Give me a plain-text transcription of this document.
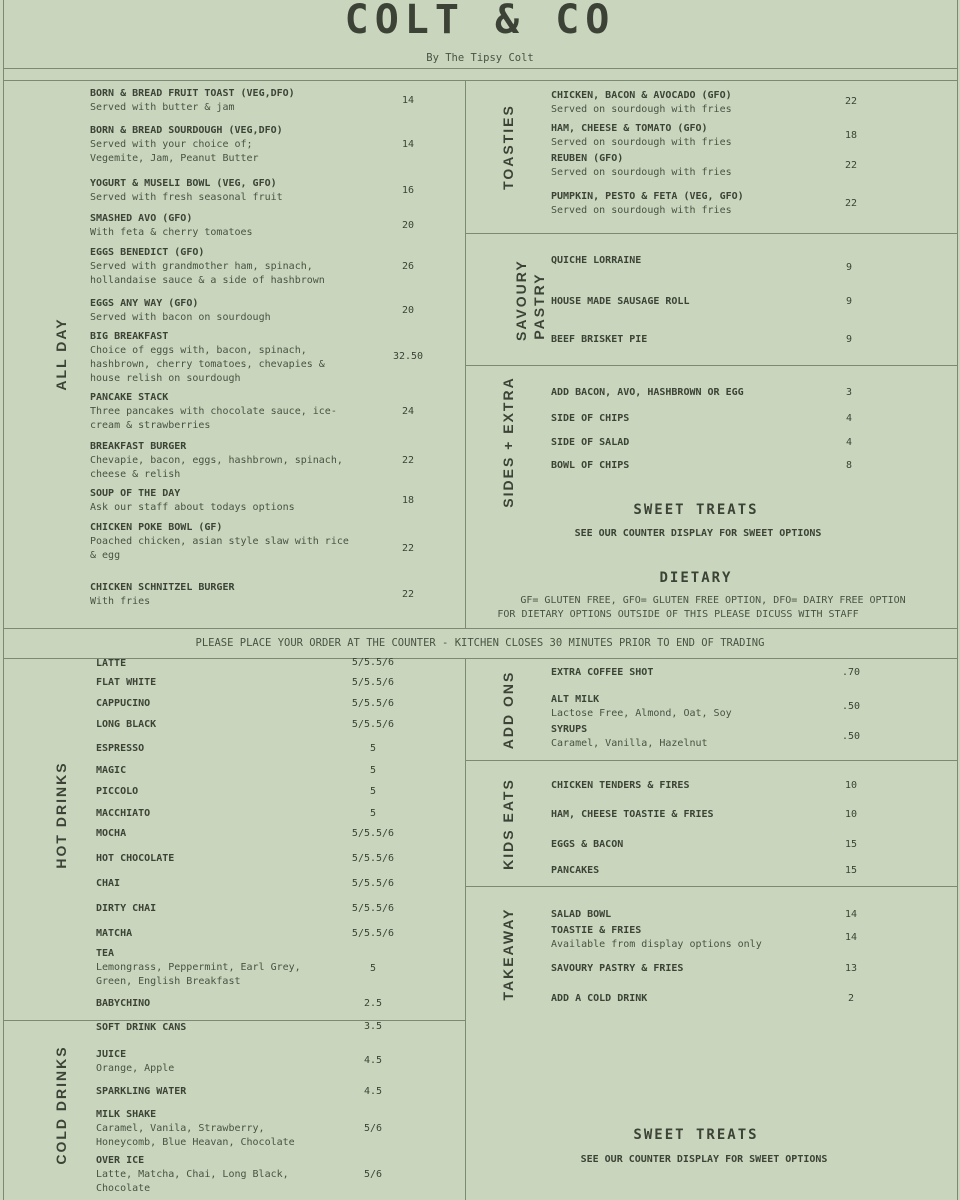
COLT & CO
By The Tipsy Colt
ALL DAY
TOASTIES
SAVOURY PASTRY
SIDES + EXTRA
HOT DRINKS
COLD DRINKS
ADD ONS
KIDS EATS
TAKEAWAY
BORN & BREAD FRUIT TOAST (VEG,DFO)
Served with butter & jam
14
BORN & BREAD SOURDOUGH (VEG,DFO)
Served with your choice of; Vegemite, Jam, Peanut Butter
14
YOGURT & MUSELI BOWL (VEG, GFO)
Served with fresh seasonal fruit
16
SMASHED AVO (GFO)
With feta & cherry tomatoes
20
EGGS BENEDICT (GFO)
Served with grandmother ham, spinach, hollandaise sauce & a side of hashbrown
26
EGGS ANY WAY (GFO)
Served with bacon on sourdough
20
BIG BREAKFAST
Choice of eggs with, bacon, spinach, hashbrown, cherry tomatoes, chevapies & house relish on sourdough
32.50
PANCAKE STACK
Three pancakes with chocolate sauce, ice-cream & strawberries
24
BREAKFAST BURGER
Chevapie, bacon, eggs, hashbrown, spinach, cheese & relish
22
SOUP OF THE DAY
Ask our staff about todays options
18
CHICKEN POKE BOWL (GF)
Poached chicken, asian style slaw with rice & egg
22
CHICKEN SCHNITZEL BURGER
With fries
22
CHICKEN, BACON & AVOCADO (GFO)
Served on sourdough with fries
22
HAM, CHEESE & TOMATO (GFO)
Served on sourdough with fries
18
REUBEN (GFO)
Served on sourdough with fries
22
PUMPKIN, PESTO & FETA (VEG, GFO)
Served on sourdough with fries
22
QUICHE LORRAINE
9
HOUSE MADE SAUSAGE ROLL	9
BEEF BRISKET PIE	9
ADD BACON, AVO, HASHBROWN OR EGG	3
SIDE OF CHIPS	4
SIDE OF SALAD	4
BOWL OF CHIPS	8
SWEET TREATS
SEE OUR COUNTER DISPLAY FOR SWEET OPTIONS
DIETARY
GF= GLUTEN FREE, GFO= GLUTEN FREE OPTION, DFO= DAIRY FREE OPTION
FOR DIETARY OPTIONS OUTSIDE OF THIS PLEASE DICUSS WITH STAFF
PLEASE PLACE YOUR ORDER AT THE COUNTER - KITCHEN CLOSES 30 MINUTES PRIOR TO END OF TRADING
LATTE	5/5.5/6
FLAT WHITE	5/5.5/6
CAPPUCINO	5/5.5/6
LONG BLACK	5/5.5/6
ESPRESSO	5
MAGIC	5
PICCOLO	5
MACCHIATO	5
MOCHA	5/5.5/6
HOT CHOCOLATE	5/5.5/6
CHAI	5/5.5/6
DIRTY CHAI	5/5.5/6
MATCHA	5/5.5/6
TEA
Lemongrass, Peppermint, Earl Grey, Green, English Breakfast
5
BABYCHINO	2.5
SOFT DRINK CANS	3.5
JUICE
Orange, Apple
4.5
SPARKLING WATER	4.5
MILK SHAKE
Caramel, Vanila, Strawberry, Honeycomb, Blue Heavan, Chocolate
5/6
OVER ICE
Latte, Matcha, Chai, Long Black, Chocolate
5/6
EXTRA COFFEE SHOT	.70
ALT MILK
Lactose Free, Almond, Oat, Soy
.50
SYRUPS
Caramel, Vanilla, Hazelnut
.50
CHICKEN TENDERS & FIRES	10
HAM, CHEESE TOASTIE & FRIES	10
EGGS & BACON	15
PANCAKES	15
SALAD BOWL	14
TOASTIE & FRIES
Available from display options only
14
SAVOURY PASTRY & FRIES	13
ADD A COLD DRINK	2
SWEET TREATS
SEE OUR COUNTER DISPLAY FOR SWEET OPTIONS
